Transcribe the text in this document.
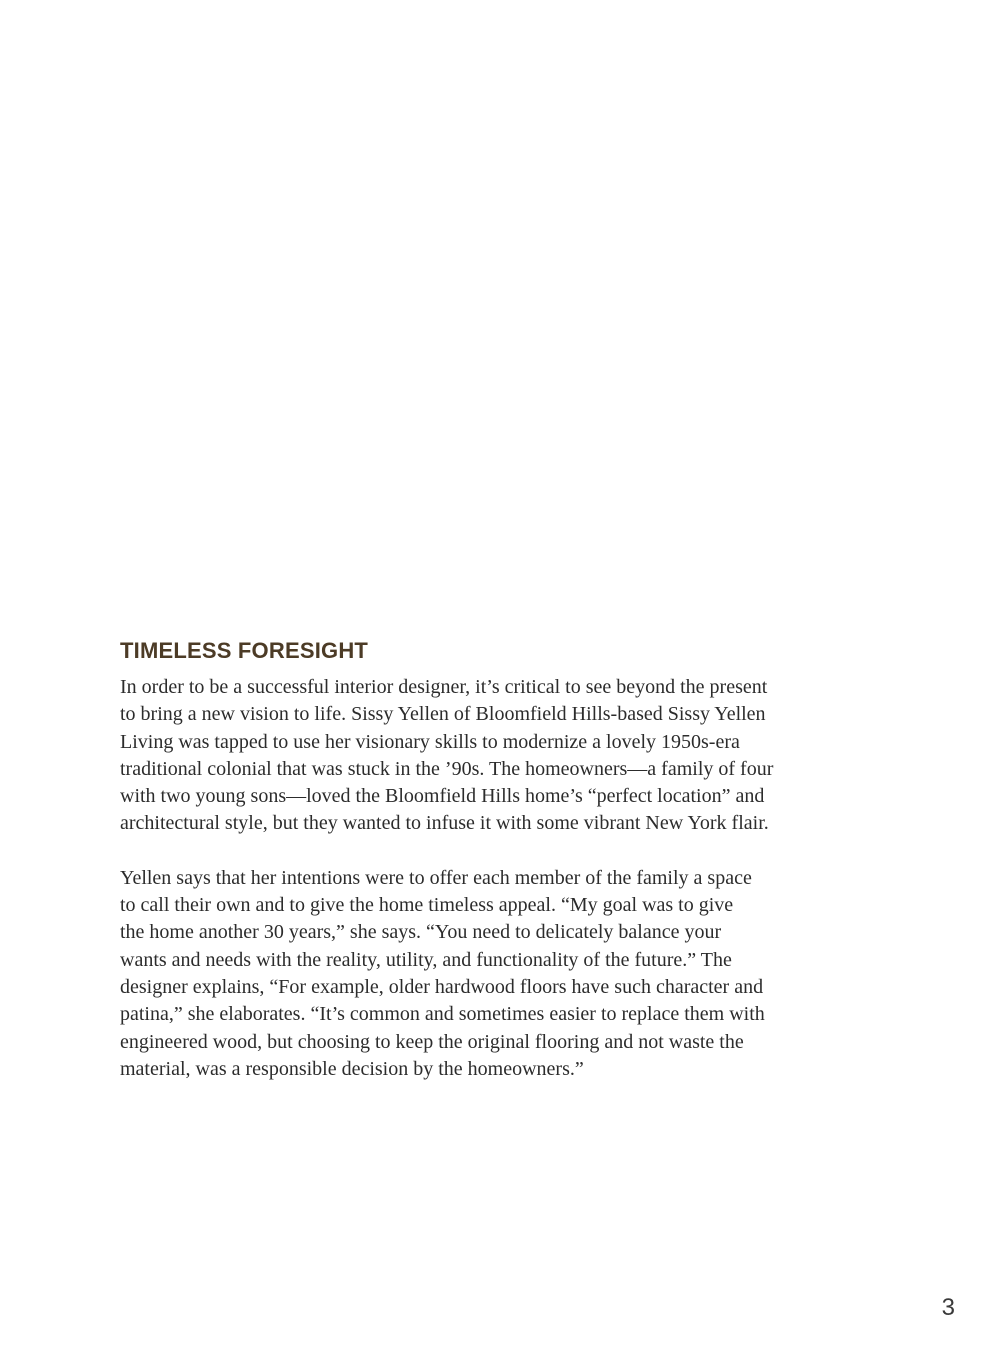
TIMELESS FORESIGHT

In order to be a successful interior designer, it’s critical to see beyond the present
to bring a new vision to life. Sissy Yellen of Bloomfield Hills-based Sissy Yellen
Living was tapped to use her visionary skills to modernize a lovely 1950s-era
traditional colonial that was stuck in the ’90s. The homeowners—a family of four
with two young sons—loved the Bloomfield Hills home’s “perfect location” and
architectural style, but they wanted to infuse it with some vibrant New York flair.

Yellen says that her intentions were to offer each member of the family a space
to call their own and to give the home timeless appeal. “My goal was to give
the home another 30 years,” she says. “You need to delicately balance your
wants and needs with the reality, utility, and functionality of the future.” The
designer explains, “For example, older hardwood floors have such character and
patina,” she elaborates. “It’s common and sometimes easier to replace them with
engineered wood, but choosing to keep the original flooring and not waste the
material, was a responsible decision by the homeowners.”

3
